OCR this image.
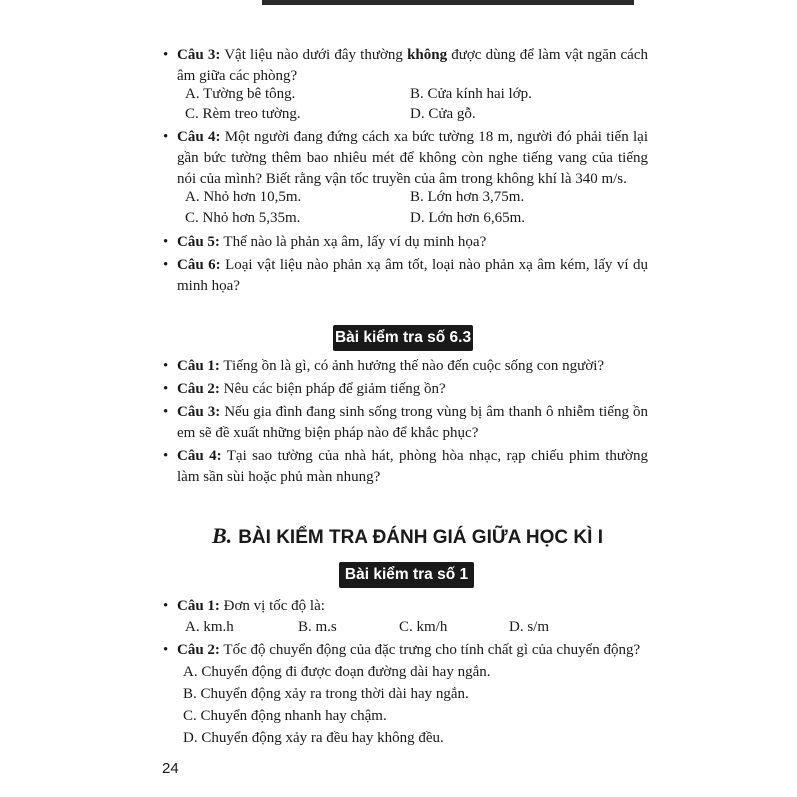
• Câu 3: Vật liệu nào dưới đây thường không được dùng để làm vật ngăn cách âm giữa các phòng?
A. Tường bê tông.	B. Cửa kính hai lớp.
C. Rèm treo tường.	D. Cửa gỗ.
• Câu 4: Một người đang đứng cách xa bức tường 18 m, người đó phải tiến lại gần bức tường thêm bao nhiêu mét để không còn nghe tiếng vang của tiếng nói của mình? Biết rằng vận tốc truyền của âm trong không khí là 340 m/s.
A. Nhỏ hơn 10,5m.	B. Lớn hơn 3,75m.
C. Nhỏ hơn 5,35m.	D. Lớn hơn 6,65m.
• Câu 5: Thế nào là phản xạ âm, lấy ví dụ minh họa?
• Câu 6: Loại vật liệu nào phản xạ âm tốt, loại nào phản xạ âm kém, lấy ví dụ minh họa?
Bài kiểm tra số 6.3
• Câu 1: Tiếng ồn là gì, có ảnh hưởng thế nào đến cuộc sống con người?
• Câu 2: Nêu các biện pháp để giảm tiếng ồn?
• Câu 3: Nếu gia đình đang sinh sống trong vùng bị âm thanh ô nhiễm tiếng ồn em sẽ đề xuất những biện pháp nào để khắc phục?
• Câu 4: Tại sao tường của nhà hát, phòng hòa nhạc, rạp chiếu phim thường làm sần sùi hoặc phủ màn nhung?
B. BÀI KIỂM TRA ĐÁNH GIÁ GIỮA HỌC KÌ I
Bài kiểm tra số 1
• Câu 1: Đơn vị tốc độ là:
A. km.h	B. m.s	C. km/h	D. s/m
• Câu 2: Tốc độ chuyển động của đặc trưng cho tính chất gì của chuyển động?
A. Chuyển động đi được đoạn đường dài hay ngắn.
B. Chuyển động xảy ra trong thời dài hay ngắn.
C. Chuyển động nhanh hay chậm.
D. Chuyển động xảy ra đều hay không đều.
24
